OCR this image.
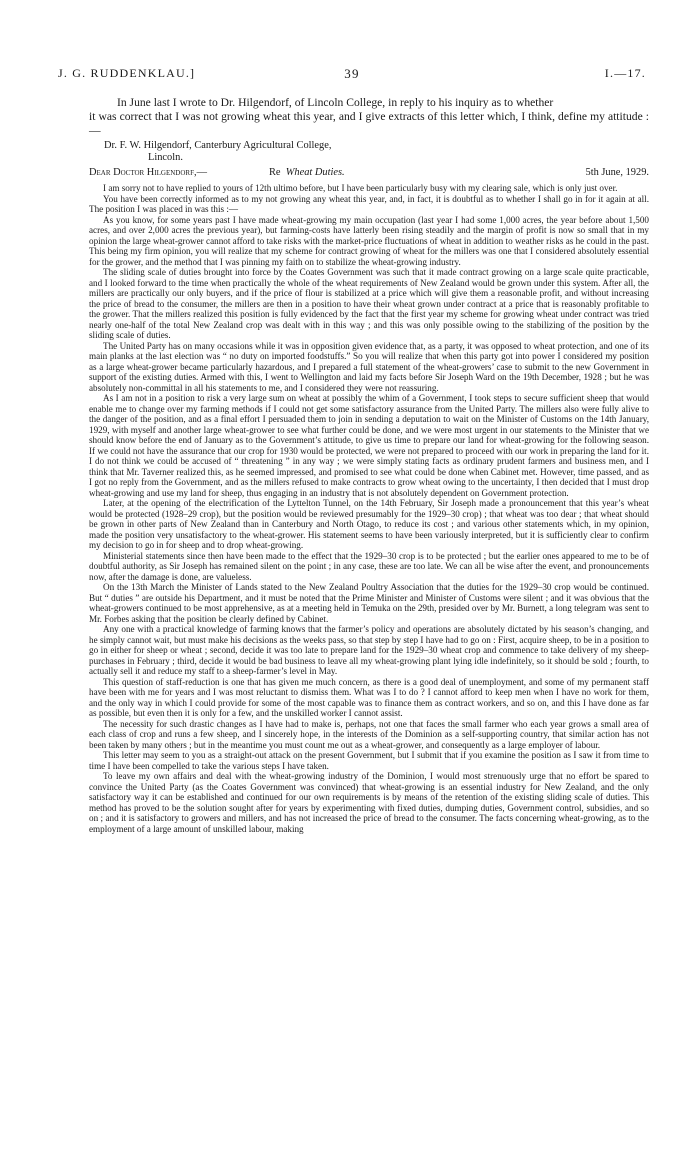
J. G. RUDDENKLAU.]	39	I.—17.
In June last I wrote to Dr. Hilgendorf, of Lincoln College, in reply to his inquiry as to whether
it was correct that I was not growing wheat this year, and I give extracts of this letter which, I think, define my attitude :—
Dr. F. W. Hilgendorf, Canterbury Agricultural College,
Lincoln.
Dear Doctor Hilgendorf,—	Re Wheat Duties.	5th June, 1929.

I am sorry not to have replied to yours of 12th ultimo before, but I have been particularly busy with my clearing sale, which is only just over.

You have been correctly informed as to my not growing any wheat this year, and, in fact, it is doubtful as to whether I shall go in for it again at all. The position I was placed in was this :—

As you know, for some years past I have made wheat-growing my main occupation (last year I had some 1,000 acres, the year before about 1,500 acres, and over 2,000 acres the previous year), but farming-costs have latterly been rising steadily and the margin of profit is now so small that in my opinion the large wheat-grower cannot afford to take risks with the market-price fluctuations of wheat in addition to weather risks as he could in the past. This being my firm opinion, you will realize that my scheme for contract growing of wheat for the millers was one that I considered absolutely essential for the grower, and the method that I was pinning my faith on to stabilize the wheat-growing industry.

The sliding scale of duties brought into force by the Coates Government was such that it made contract growing on a large scale quite practicable, and I looked forward to the time when practically the whole of the wheat requirements of New Zealand would be grown under this system. After all, the millers are practically our only buyers, and if the price of flour is stabilized at a price which will give them a reasonable profit, and without increasing the price of bread to the consumer, the millers are then in a position to have their wheat grown under contract at a price that is reasonably profitable to the grower. That the millers realized this position is fully evidenced by the fact that the first year my scheme for growing wheat under contract was tried nearly one-half of the total New Zealand crop was dealt with in this way ; and this was only possible owing to the stabilizing of the position by the sliding scale of duties.

The United Party has on many occasions while it was in opposition given evidence that, as a party, it was opposed to wheat protection, and one of its main planks at the last election was “ no duty on imported foodstuffs.” So you will realize that when this party got into power I considered my position as a large wheat-grower became particularly hazardous, and I prepared a full statement of the wheat-growers’ case to submit to the new Government in support of the existing duties. Armed with this, I went to Wellington and laid my facts before Sir Joseph Ward on the 19th December, 1928 ; but he was absolutely non-committal in all his statements to me, and I considered they were not reassuring.

As I am not in a position to risk a very large sum on wheat at possibly the whim of a Government, I took steps to secure sufficient sheep that would enable me to change over my farming methods if I could not get some satisfactory assurance from the United Party. The millers also were fully alive to the danger of the position, and as a final effort I persuaded them to join in sending a deputation to wait on the Minister of Customs on the 14th January, 1929, with myself and another large wheat-grower to see what further could be done, and we were most urgent in our statements to the Minister that we should know before the end of January as to the Government’s attitude, to give us time to prepare our land for wheat-growing for the following season. If we could not have the assurance that our crop for 1930 would be protected, we were not prepared to proceed with our work in preparing the land for it. I do not think we could be accused of “ threatening ” in any way ; we were simply stating facts as ordinary prudent farmers and business men, and I think that Mr. Taverner realized this, as he seemed impressed, and promised to see what could be done when Cabinet met. However, time passed, and as I got no reply from the Government, and as the millers refused to make contracts to grow wheat owing to the uncertainty, I then decided that I must drop wheat-growing and use my land for sheep, thus engaging in an industry that is not absolutely dependent on Government protection.

Later, at the opening of the electrification of the Lyttelton Tunnel, on the 14th February, Sir Joseph made a pronouncement that this year’s wheat would be protected (1928–29 crop), but the position would be reviewed presumably for the 1929–30 crop) ; that wheat was too dear ; that wheat should be grown in other parts of New Zealand than in Canterbury and North Otago, to reduce its cost ; and various other statements which, in my opinion, made the position very unsatisfactory to the wheat-grower. His statement seems to have been variously interpreted, but it is sufficiently clear to confirm my decision to go in for sheep and to drop wheat-growing.

Ministerial statements since then have been made to the effect that the 1929–30 crop is to be protected ; but the earlier ones appeared to me to be of doubtful authority, as Sir Joseph has remained silent on the point ; in any case, these are too late. We can all be wise after the event, and pronouncements now, after the damage is done, are valueless.

On the 13th March the Minister of Lands stated to the New Zealand Poultry Association that the duties for the 1929–30 crop would be continued. But “ duties ” are outside his Department, and it must be noted that the Prime Minister and Minister of Customs were silent ; and it was obvious that the wheat-growers continued to be most apprehensive, as at a meeting held in Temuka on the 29th, presided over by Mr. Burnett, a long telegram was sent to Mr. Forbes asking that the position be clearly defined by Cabinet.

Any one with a practical knowledge of farming knows that the farmer’s policy and operations are absolutely dictated by his season’s changing, and he simply cannot wait, but must make his decisions as the weeks pass, so that step by step I have had to go on : First, acquire sheep, to be in a position to go in either for sheep or wheat ; second, decide it was too late to prepare land for the 1929–30 wheat crop and commence to take delivery of my sheep-purchases in February ; third, decide it would be bad business to leave all my wheat-growing plant lying idle indefinitely, so it should be sold ; fourth, to actually sell it and reduce my staff to a sheep-farmer’s level in May.

This question of staff-reduction is one that has given me much concern, as there is a good deal of unemployment, and some of my permanent staff have been with me for years and I was most reluctant to dismiss them. What was I to do ? I cannot afford to keep men when I have no work for them, and the only way in which I could provide for some of the most capable was to finance them as contract workers, and so on, and this I have done as far as possible, but even then it is only for a few, and the unskilled worker I cannot assist.

The necessity for such drastic changes as I have had to make is, perhaps, not one that faces the small farmer who each year grows a small area of each class of crop and runs a few sheep, and I sincerely hope, in the interests of the Dominion as a self-supporting country, that similar action has not been taken by many others ; but in the meantime you must count me out as a wheat-grower, and consequently as a large employer of labour.

This letter may seem to you as a straight-out attack on the present Government, but I submit that if you examine the position as I saw it from time to time I have been compelled to take the various steps I have taken.

To leave my own affairs and deal with the wheat-growing industry of the Dominion, I would most strenuously urge that no effort be spared to convince the United Party (as the Coates Government was convinced) that wheat-growing is an essential industry for New Zealand, and the only satisfactory way it can be established and continued for our own requirements is by means of the retention of the existing sliding scale of duties. This method has proved to be the solution sought after for years by experimenting with fixed duties, dumping duties, Government control, subsidies, and so on ; and it is satisfactory to growers and millers, and has not increased the price of bread to the consumer. The facts concerning wheat-growing, as to the employment of a large amount of unskilled labour, making
